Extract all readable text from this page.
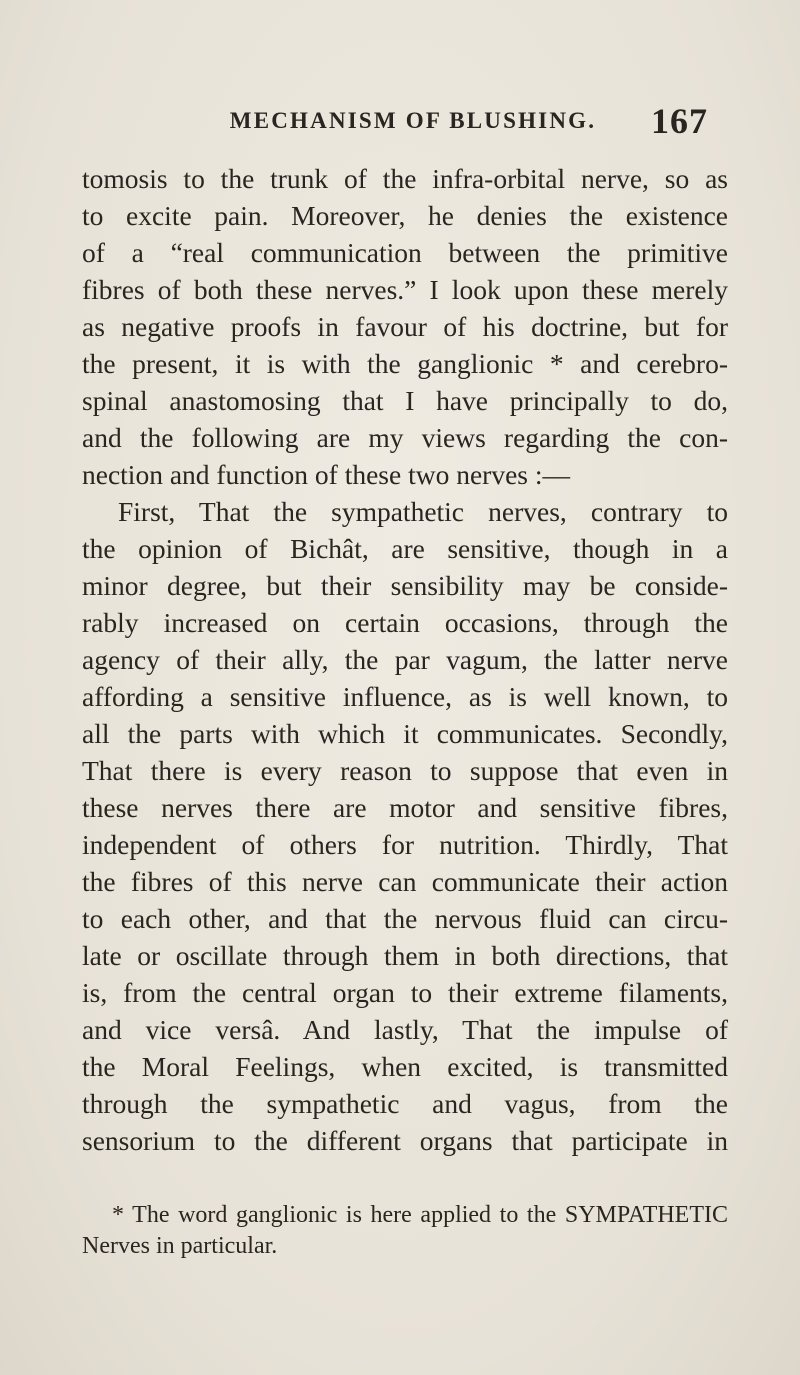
MECHANISM OF BLUSHING.	167
tomosis to the trunk of the infra-orbital nerve, so as
to excite pain. Moreover, he denies the existence
of a “real communication between the primitive
fibres of both these nerves.” I look upon these merely
as negative proofs in favour of his doctrine, but for
the present, it is with the ganglionic * and cerebro-
spinal anastomosing that I have principally to do,
and the following are my views regarding the con-
nection and function of these two nerves :—
First, That the sympathetic nerves, contrary to
the opinion of Bichât, are sensitive, though in a
minor degree, but their sensibility may be conside-
rably increased on certain occasions, through the
agency of their ally, the par vagum, the latter nerve
affording a sensitive influence, as is well known, to
all the parts with which it communicates. Secondly,
That there is every reason to suppose that even in
these nerves there are motor and sensitive fibres,
independent of others for nutrition. Thirdly, That
the fibres of this nerve can communicate their action
to each other, and that the nervous fluid can circu-
late or oscillate through them in both directions, that
is, from the central organ to their extreme filaments,
and vice versâ. And lastly, That the impulse of
the Moral Feelings, when excited, is transmitted
through the sympathetic and vagus, from the
sensorium to the different organs that participate in
* The word ganglionic is here applied to the SYMPATHETIC
Nerves in particular.
